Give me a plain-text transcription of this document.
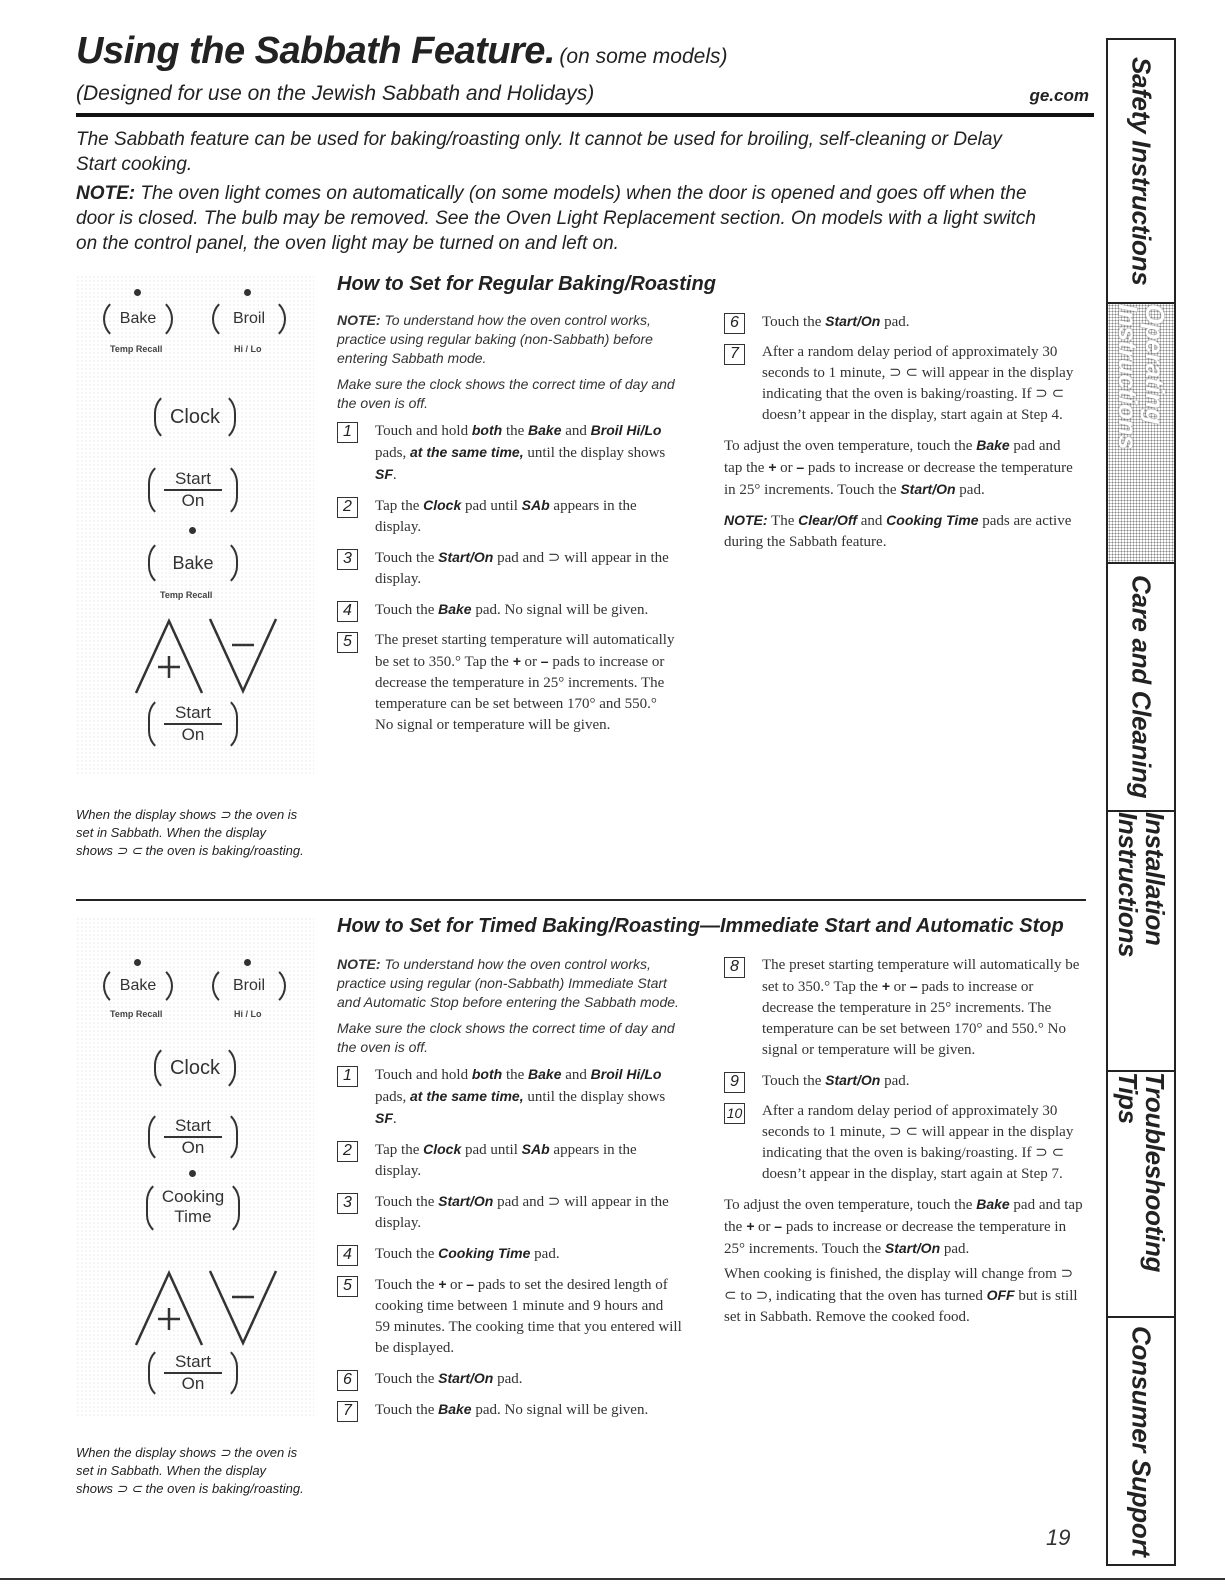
Using the Sabbath Feature. (on some models)
(Designed for use on the Jewish Sabbath and Holidays)	ge.com
The Sabbath feature can be used for baking/roasting only. It cannot be used for broiling, self-cleaning or Delay Start cooking.
NOTE: The oven light comes on automatically (on some models) when the door is opened and goes off when the door is closed. The bulb may be removed. See the Oven Light Replacement section. On models with a light switch on the control panel, the oven light may be turned on and left on.
How to Set for Regular Baking/Roasting
Bake	Broil
Temp Recall	Hi / Lo
Clock
Start
On
Bake
Temp Recall
Start
On
When the display shows ⊃ the oven is set in Sabbath. When the display shows ⊃ ⊂ the oven is baking/roasting.
NOTE: To understand how the oven control works, practice using regular baking (non-Sabbath) before entering Sabbath mode.
Make sure the clock shows the correct time of day and the oven is off.
1	Touch and hold both the Bake and Broil Hi/Lo pads, at the same time, until the display shows SF.
2	Tap the Clock pad until SAb appears in the display.
3	Touch the Start/On pad and ⊃ will appear in the display.
4	Touch the Bake pad. No signal will be given.
5	The preset starting temperature will automatically be set to 350.° Tap the + or – pads to increase or decrease the temperature in 25° increments. The temperature can be set between 170° and 550.° No signal or temperature will be given.
6	Touch the Start/On pad.
7	After a random delay period of approximately 30 seconds to 1 minute, ⊃ ⊂ will appear in the display indicating that the oven is baking/roasting. If ⊃ ⊂ doesn’t appear in the display, start again at Step 4.
To adjust the oven temperature, touch the Bake pad and tap the + or – pads to increase or decrease the temperature in 25° increments. Touch the Start/On pad.
NOTE: The Clear/Off and Cooking Time pads are active during the Sabbath feature.
How to Set for Timed Baking/Roasting—Immediate Start and Automatic Stop
Bake	Broil
Temp Recall	Hi / Lo
Clock
Start
On
Cooking
Time
Start
On
When the display shows ⊃ the oven is set in Sabbath. When the display shows ⊃ ⊂ the oven is baking/roasting.
NOTE: To understand how the oven control works, practice using regular (non-Sabbath) Immediate Start and Automatic Stop before entering the Sabbath mode.
Make sure the clock shows the correct time of day and the oven is off.
1	Touch and hold both the Bake and Broil Hi/Lo pads, at the same time, until the display shows SF.
2	Tap the Clock pad until SAb appears in the display.
3	Touch the Start/On pad and ⊃ will appear in the display.
4	Touch the Cooking Time pad.
5	Touch the + or – pads to set the desired length of cooking time between 1 minute and 9 hours and 59 minutes. The cooking time that you entered will be displayed.
6	Touch the Start/On pad.
7	Touch the Bake pad. No signal will be given.
8	The preset starting temperature will automatically be set to 350.° Tap the + or – pads to increase or decrease the temperature in 25° increments. The temperature can be set between 170° and 550.° No signal or temperature will be given.
9	Touch the Start/On pad.
10 After a random delay period of approximately 30 seconds to 1 minute, ⊃ ⊂ will appear in the display indicating that the oven is baking/roasting. If ⊃ ⊂ doesn’t appear in the display, start again at Step 7.
To adjust the oven temperature, touch the Bake pad and tap the + or – pads to increase or decrease the temperature in 25° increments. Touch the Start/On pad.
When cooking is finished, the display will change from ⊃ ⊂ to ⊃, indicating that the oven has turned OFF but is still set in Sabbath. Remove the cooked food.
19
Safety Instructions
Operating Instructions
Care and Cleaning
Installation Instructions
Troubleshooting Tips
Consumer Support
